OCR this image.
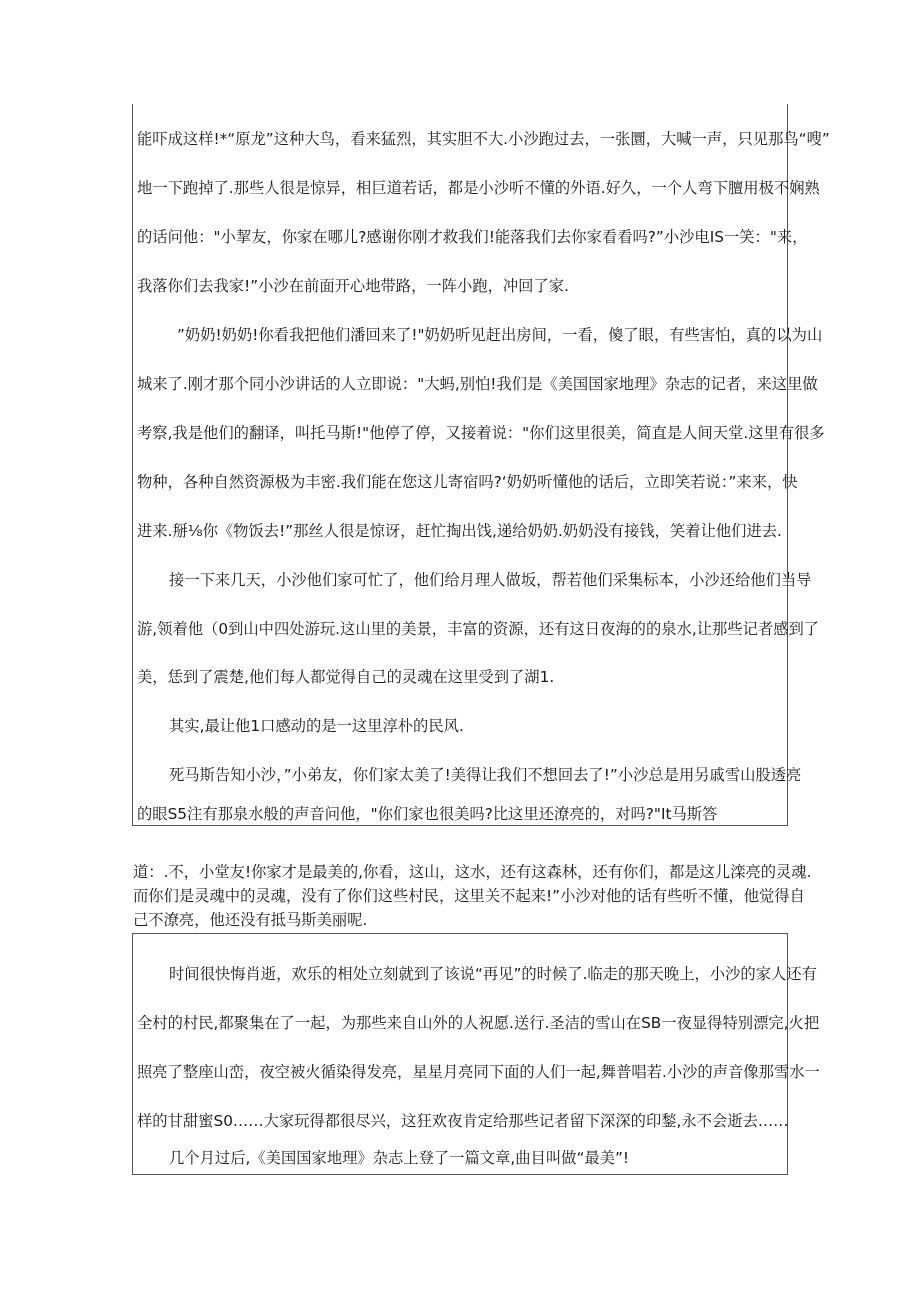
能吓成这样!*“原龙”这种大鸟，看来猛烈，其实胆不大.小沙跑过去，一张圜，大喊一声，只见那鸟“嗖”
地一下跑掉了.那些人很是惊异，相巨道若话，都是小沙听不懂的外语.好久，一个人弯下膻用极不娴熟
的话问他："小挈友，你家在哪儿?感谢你刚才救我们!能落我们去你家看看吗?”小沙电IS一笑："来，
我落你们去我家!”小沙在前面开心地带路，一阵小跑，冲回了家.
”奶奶!奶奶!你看我把他们潘回来了!"奶奶听见赶出房间，一看，傻了眼，有些害怕，真的以为山
城来了.刚才那个同小沙讲话的人立即说："大蚂,别怕!我们是《美国国家地理》杂志的记者，来这里做
考察,我是他们的翻译，叫托马斯!"他停了停，又接着说："你们这里很美，简直是人间天堂.这里有很多
物种，各种自然资源极为丰密.我们能在您这儿寄宿吗?‘奶奶听懂他的话后，立即笑若说：”来来，快
进来.掰⅛你《物饭去!”那丝人很是惊讶，赶忙掏出饯,递给奶奶.奶奶没有接钱，笑着让他们进去.
接一下来几天，小沙他们家可忙了，他们给月理人做坂，帮若他们采集标本，小沙还给他们当导
游,领着他（0到山中四处游玩.这山里的美景，丰富的资源，还有这日夜海的的泉水,让那些记者感到了
美，恁到了震楚,他们每人都觉得自己的灵魂在这里受到了湖1.
其实,最让他1口感动的是一这里淳朴的民风.
死马斯告知小沙，”小弟友，你们家太美了!美得让我们不想回去了!”小沙总是用另戚雪山股透亮
的眼S5注有那泉水般的声音问他，"你们家也很美吗?比这里还潦亮的，对吗?"It马斯答
道：.不，小堂友!你家才是最美的,你看，这山，这水，还有这森林，还有你们，都是这儿滦亮的灵魂.
而你们是灵魂中的灵魂，没有了你们这些村民，这里关不起来!”小沙对他的话有些听不懂，他觉得自
己不潦亮，他还没有抵马斯美丽呢.
时间很快悔肖逝，欢乐的相处立刻就到了该说“再见”的时候了.临走的那天晚上，小沙的家人还有
全村的村民,都聚集在了一起，为那些来自山外的人祝愿.送行.圣洁的雪山在SB一夜显得特别漂完,火把
照亮了整座山峦，夜空被火循染得发亮，星星月亮同下面的人们一起,舞普唱若.小沙的声音像那雪水一
样的甘甜蜜S0……大家玩得都很尽兴，这狂欢夜肯定给那些记者留下深深的印鍫,永不会逝去……
几个月过后,《美国国家地理》杂志上登了一篇文章,曲目叫做“最美”!
